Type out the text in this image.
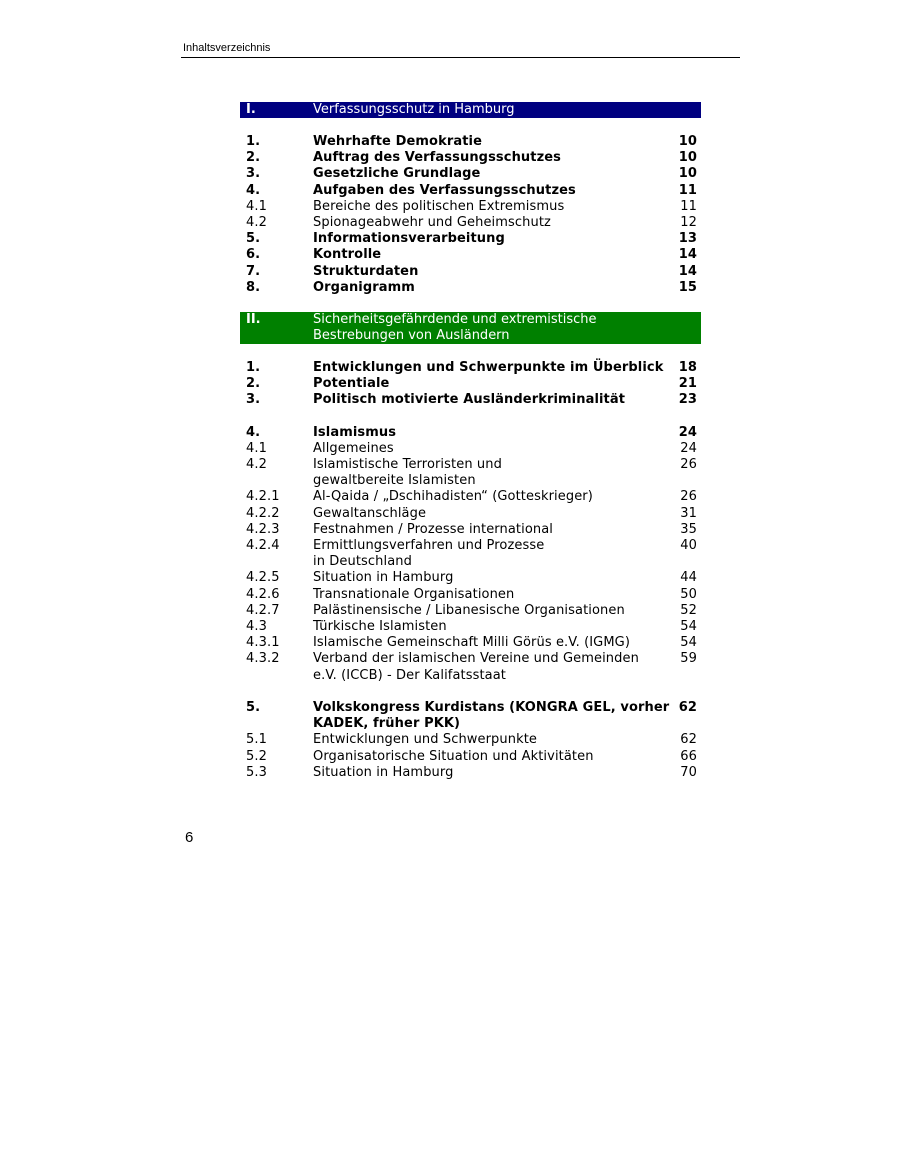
Inhaltsverzeichnis
I.	Verfassungsschutz in Hamburg
1.	Wehrhafte Demokratie	10
2.	Auftrag des Verfassungsschutzes	10
3.	Gesetzliche Grundlage	10
4.	Aufgaben des Verfassungsschutzes	11
4.1	Bereiche des politischen Extremismus	11
4.2	Spionageabwehr und Geheimschutz	12
5.	Informationsverarbeitung	13
6.	Kontrolle	14
7.	Strukturdaten	14
8.	Organigramm	15
II.	Sicherheitsgefährdende und extremistische
Bestrebungen von Ausländern
1.	Entwicklungen und Schwerpunkte im Überblick	18
2.	Potentiale	21
3.	Politisch motivierte Ausländerkriminalität	23
4.	Islamismus	24
4.1	Allgemeines	24
4.2	Islamistische Terroristen und	26
gewaltbereite Islamisten
4.2.1	Al-Qaida / „Dschihadisten“ (Gotteskrieger)	26
4.2.2	Gewaltanschläge	31
4.2.3	Festnahmen / Prozesse international	35
4.2.4	Ermittlungsverfahren und Prozesse	40
in Deutschland
4.2.5	Situation in Hamburg	44
4.2.6	Transnationale Organisationen	50
4.2.7	Palästinensische / Libanesische Organisationen	52
4.3	Türkische Islamisten	54
4.3.1	Islamische Gemeinschaft Milli Görüs e.V. (IGMG)	54
4.3.2	Verband der islamischen Vereine und Gemeinden	59
e.V. (ICCB) - Der Kalifatsstaat
5.	Volkskongress Kurdistans (KONGRA GEL, vorher 62
KADEK, früher PKK)
5.1	Entwicklungen und Schwerpunkte	62
5.2	Organisatorische Situation und Aktivitäten	66
5.3	Situation in Hamburg	70
6
